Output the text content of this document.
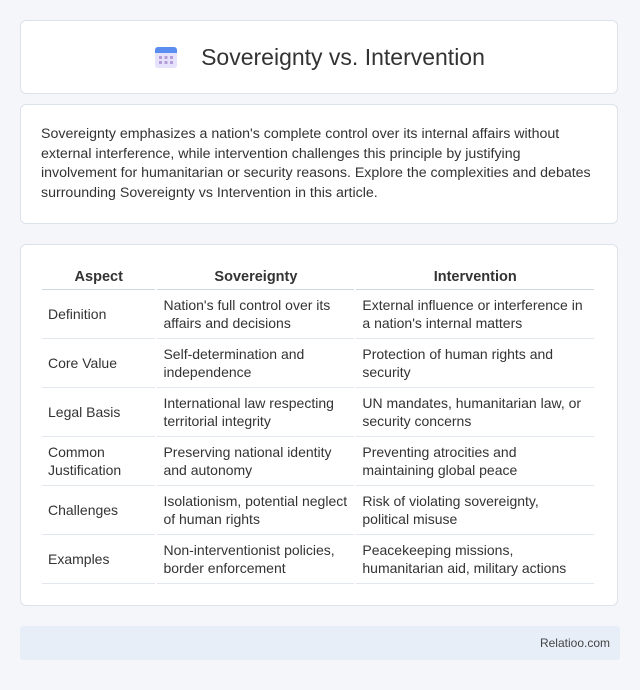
Sovereignty vs. Intervention

Sovereignty emphasizes a nation's complete control over its internal affairs without external interference, while intervention challenges this principle by justifying involvement for humanitarian or security reasons. Explore the complexities and debates surrounding Sovereignty vs Intervention in this article.

Aspect	Sovereignty	Intervention
Definition	Nation's full control over its affairs and decisions	External influence or interference in a nation's internal matters
Core Value	Self-determination and independence	Protection of human rights and security
Legal Basis	International law respecting territorial integrity	UN mandates, humanitarian law, or security concerns
Common Justification	Preserving national identity and autonomy	Preventing atrocities and maintaining global peace
Challenges	Isolationism, potential neglect of human rights	Risk of violating sovereignty, political misuse
Examples	Non-interventionist policies, border enforcement	Peacekeeping missions, humanitarian aid, military actions
Relatioo.com
